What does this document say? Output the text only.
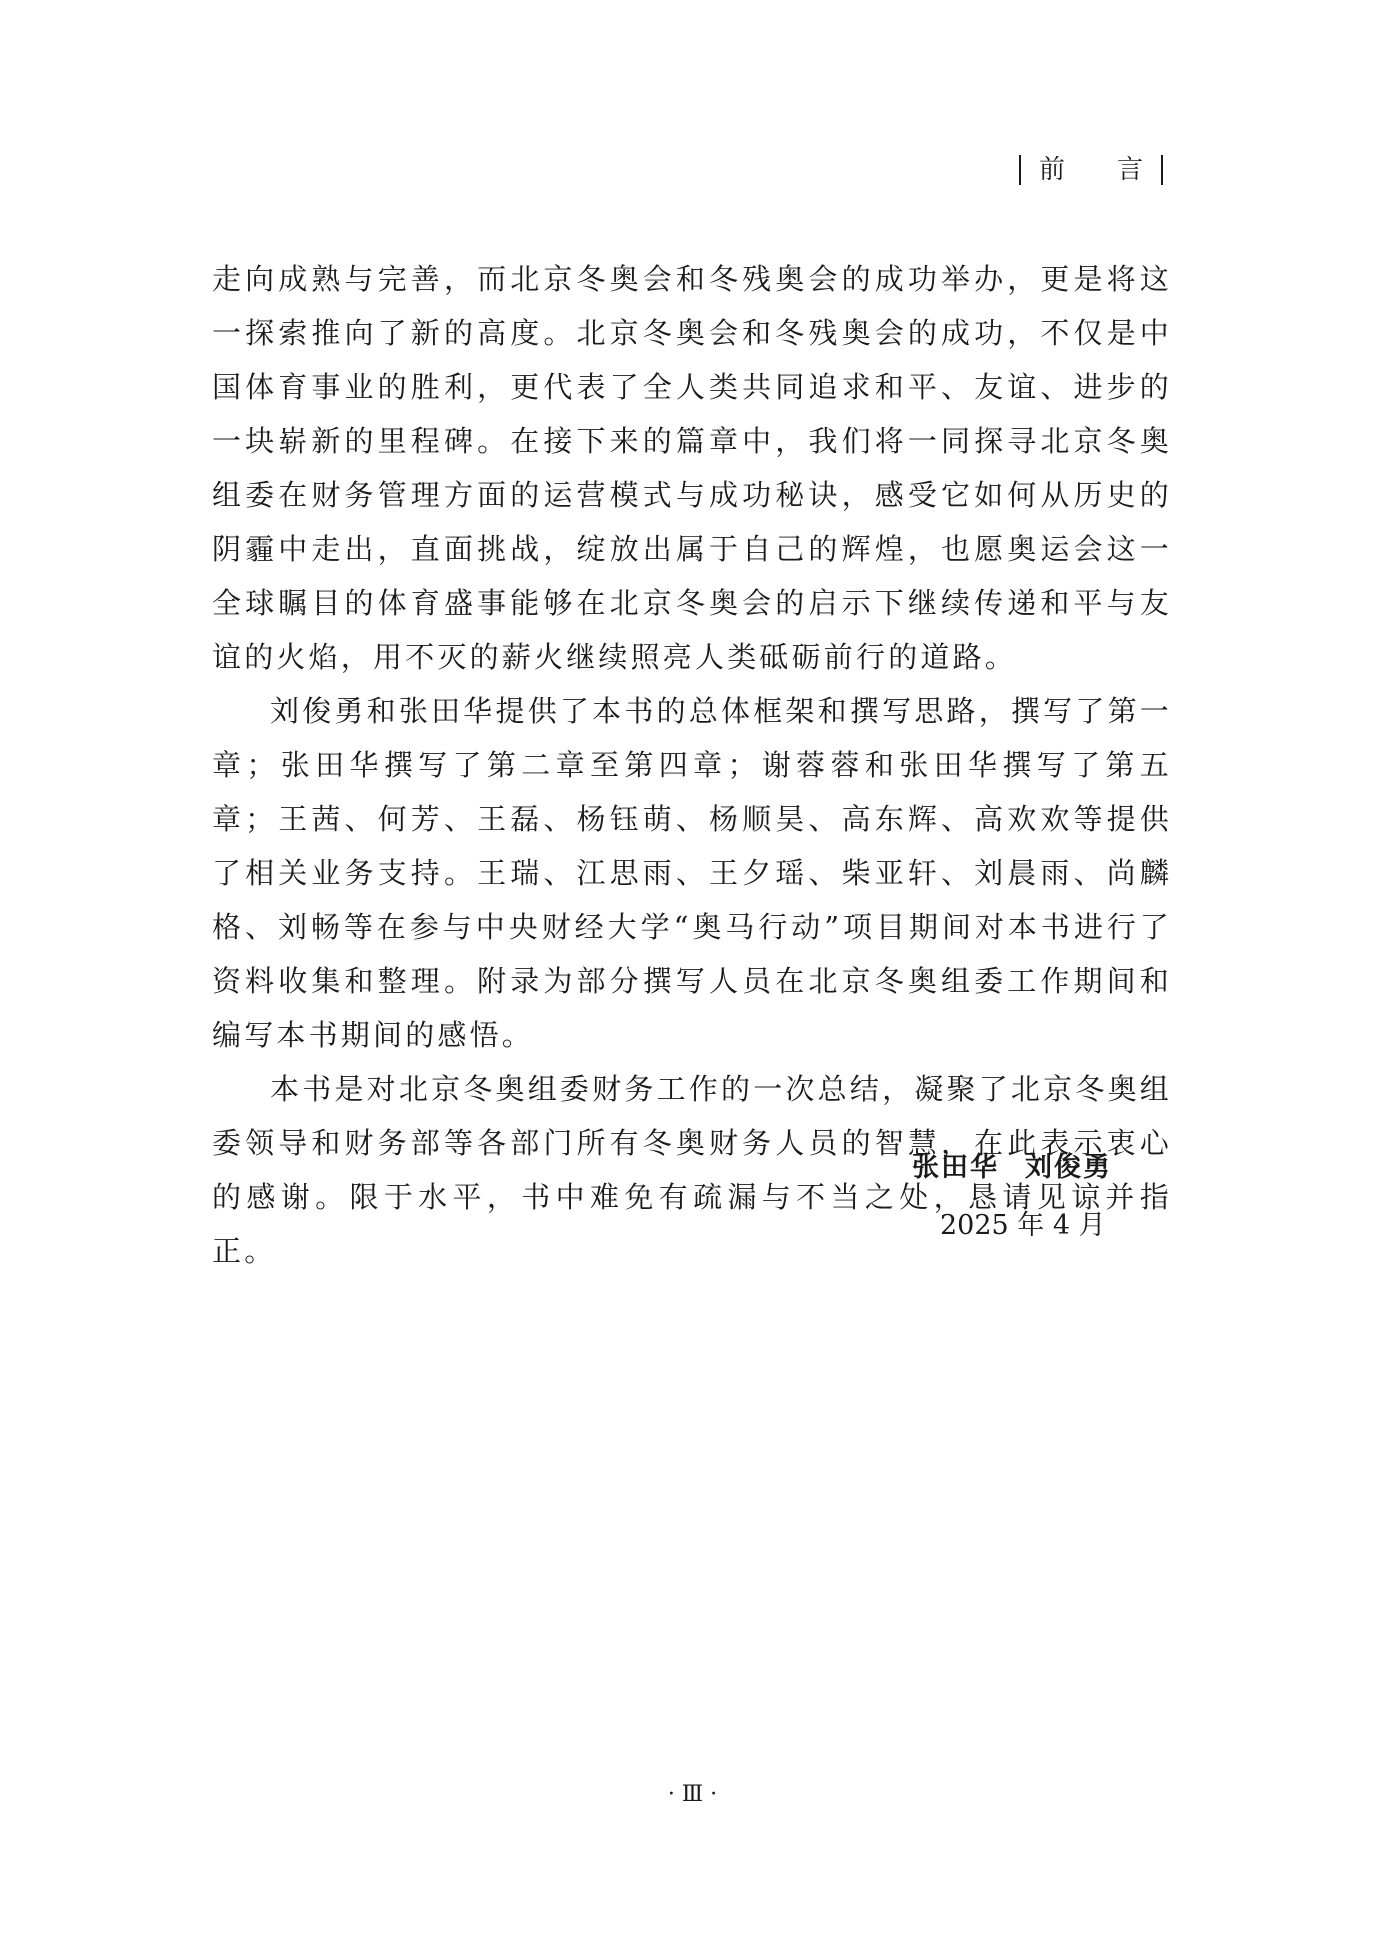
前 言

走向成熟与完善，而北京冬奥会和冬残奥会的成功举办，更是将这一探索推向了新的高度。北京冬奥会和冬残奥会的成功，不仅是中国体育事业的胜利，更代表了全人类共同追求和平、友谊、进步的一块崭新的里程碑。在接下来的篇章中，我们将一同探寻北京冬奥组委在财务管理方面的运营模式与成功秘诀，感受它如何从历史的阴霾中走出，直面挑战，绽放出属于自己的辉煌，也愿奥运会这一全球瞩目的体育盛事能够在北京冬奥会的启示下继续传递和平与友谊的火焰，用不灭的薪火继续照亮人类砥砺前行的道路。

刘俊勇和张田华提供了本书的总体框架和撰写思路，撰写了第一章；张田华撰写了第二章至第四章；谢蓉蓉和张田华撰写了第五章；王茜、何芳、王磊、杨钰萌、杨顺昊、高东辉、高欢欢等提供了相关业务支持。王瑞、江思雨、王夕瑶、柴亚轩、刘晨雨、尚麟格、刘畅等在参与中央财经大学“奥马行动”项目期间对本书进行了资料收集和整理。附录为部分撰写人员在北京冬奥组委工作期间和编写本书期间的感悟。

本书是对北京冬奥组委财务工作的一次总结，凝聚了北京冬奥组委领导和财务部等各部门所有冬奥财务人员的智慧，在此表示衷心的感谢。限于水平，书中难免有疏漏与不当之处，恳请见谅并指正。

张田华 刘俊勇
2025 年 4 月
· Ⅲ ·
